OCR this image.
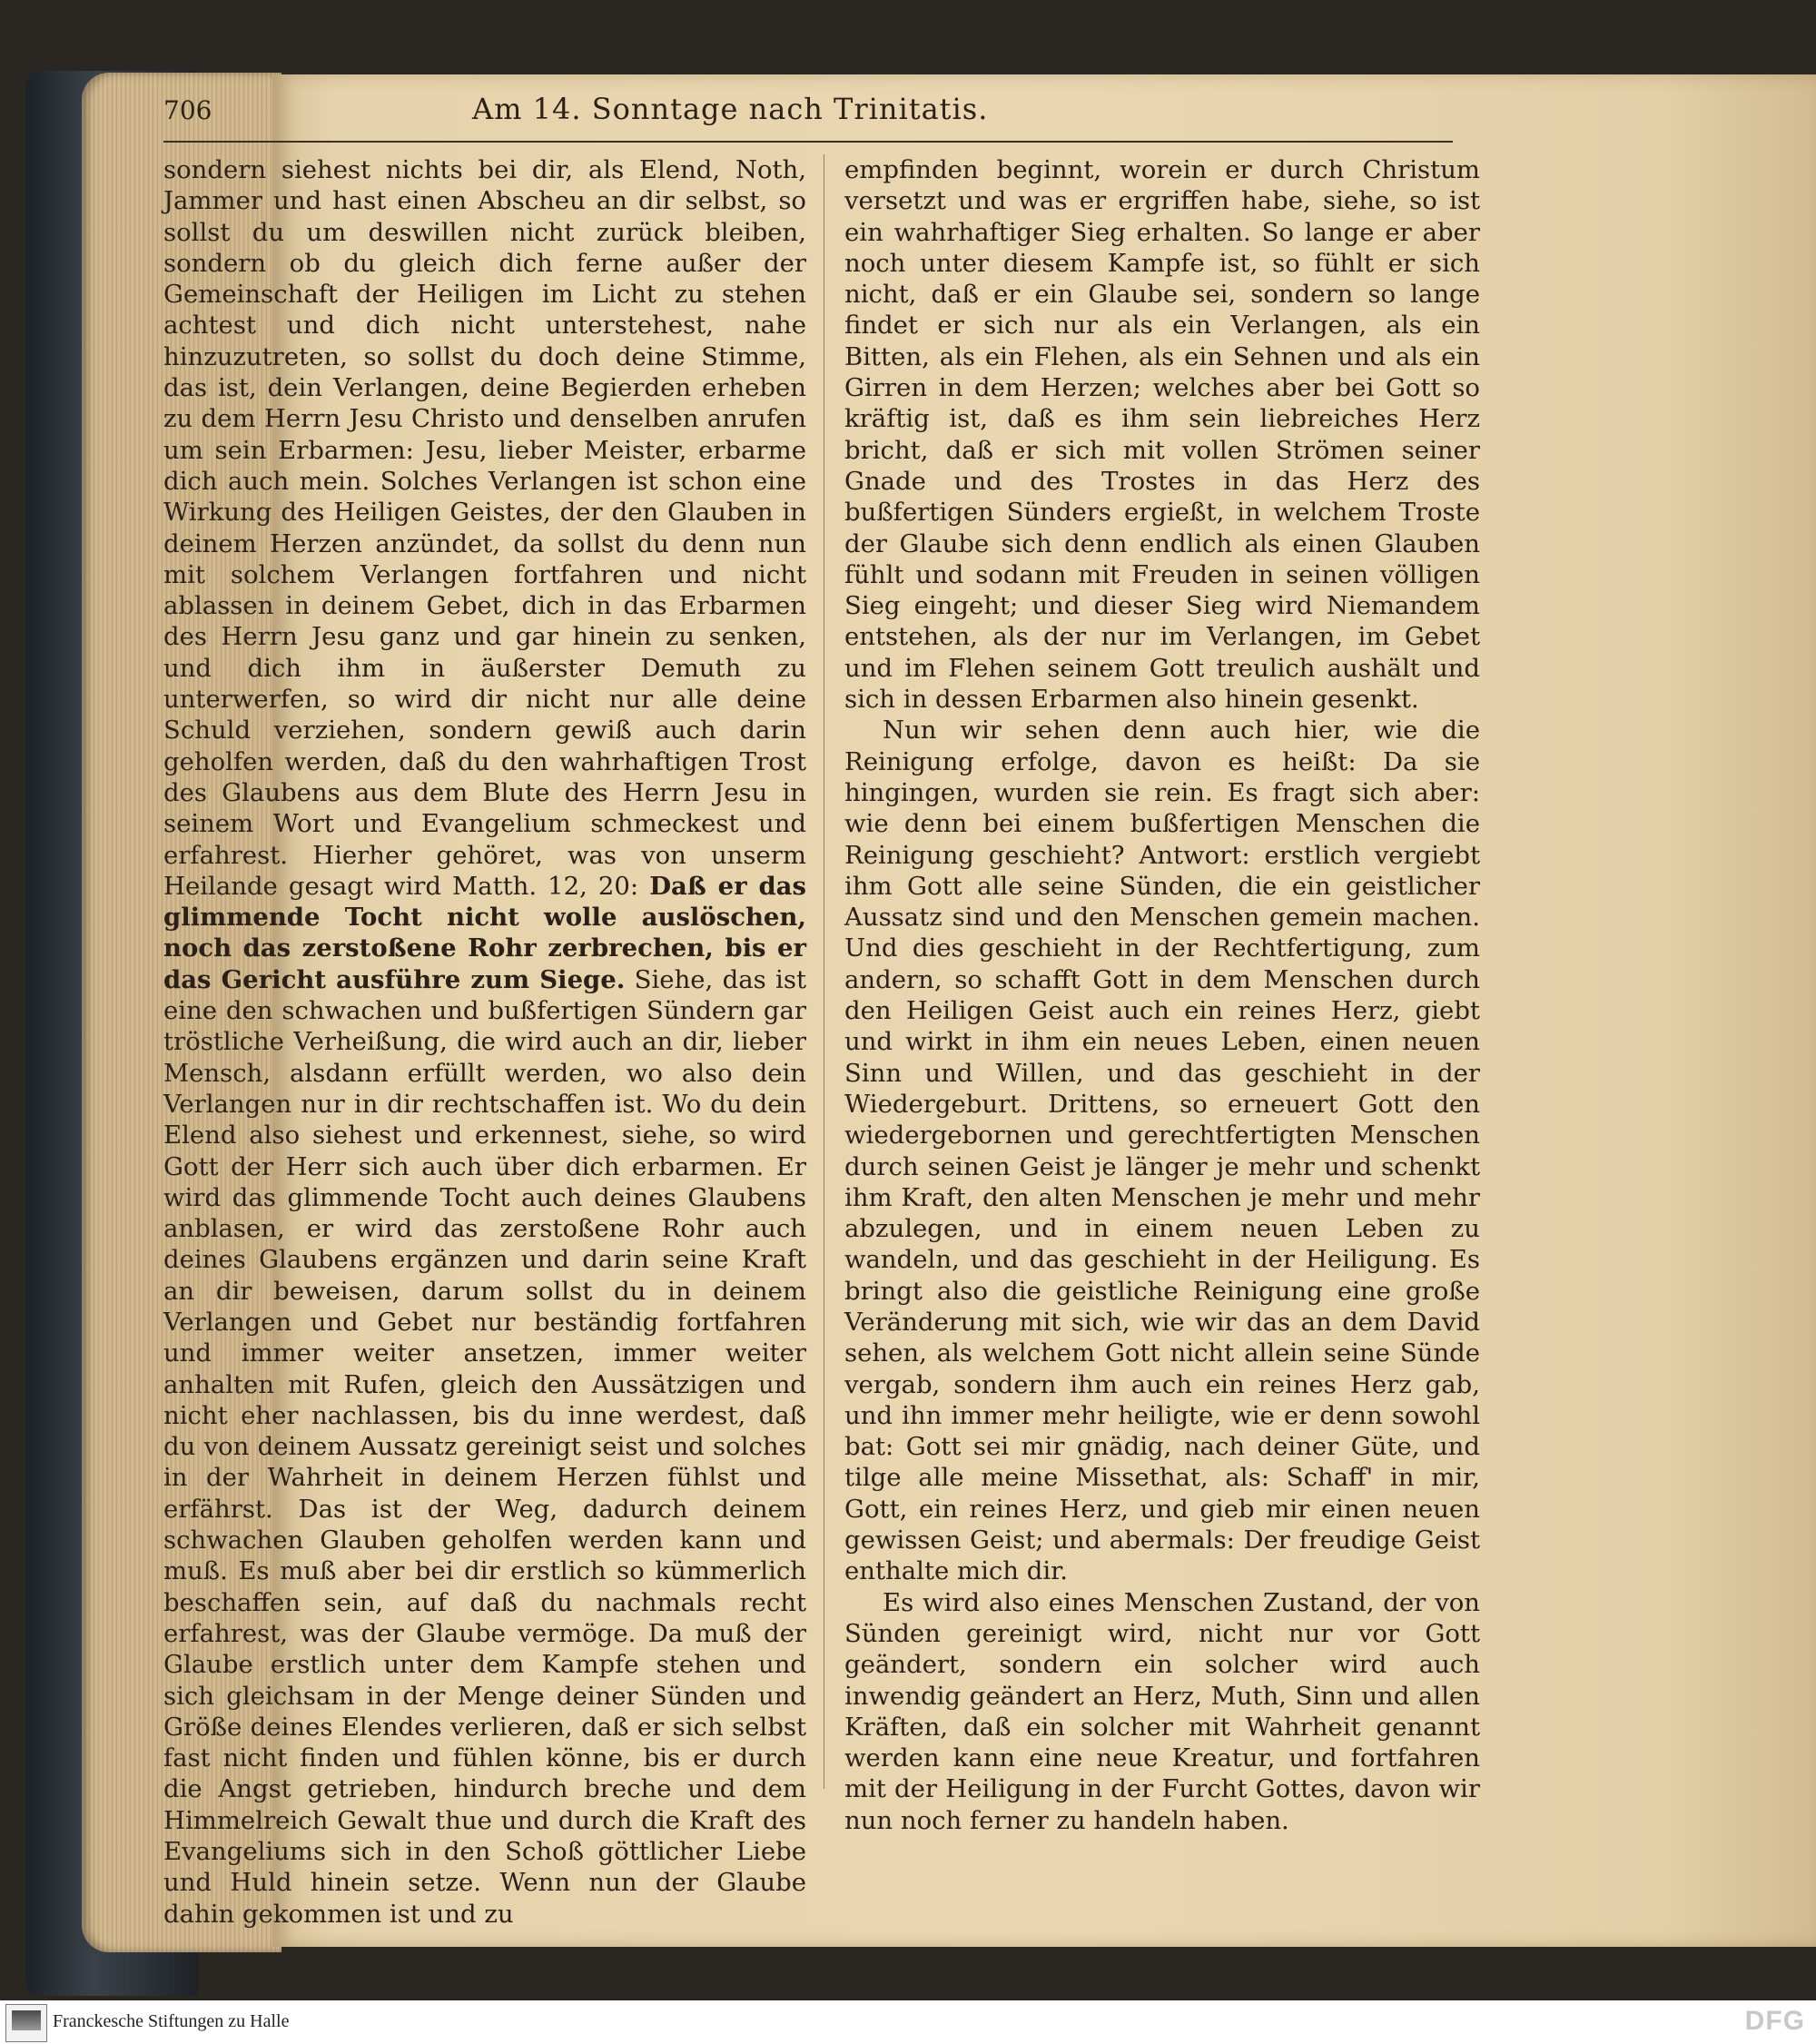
706	Am 14. Sonntage nach Trinitatis.

sondern siehest nichts bei dir, als Elend, Noth, Jammer und hast einen Abscheu an dir selbst, so sollst du um deswillen nicht zurück bleiben, sondern ob du gleich dich ferne außer der Gemeinschaft der Heiligen im Licht zu stehen achtest und dich nicht unterstehest, nahe hinzuzutreten, so sollst du doch deine Stimme, das ist, dein Verlangen, deine Begierden erheben zu dem Herrn Jesu Christo und denselben anrufen um sein Erbarmen: Jesu, lieber Meister, erbarme dich auch mein. Solches Verlangen ist schon eine Wirkung des Heiligen Geistes, der den Glauben in deinem Herzen anzündet, da sollst du denn nun mit solchem Verlangen fortfahren und nicht ablassen in deinem Gebet, dich in das Erbarmen des Herrn Jesu ganz und gar hinein zu senken, und dich ihm in äußerster Demuth zu unterwerfen, so wird dir nicht nur alle deine Schuld verziehen, sondern gewiß auch darin geholfen werden, daß du den wahrhaftigen Trost des Glaubens aus dem Blute des Herrn Jesu in seinem Wort und Evangelium schmeckest und erfahrest. Hierher gehöret, was von unserm Heilande gesagt wird Matth. 12, 20: Daß er das glimmende Tocht nicht wolle auslöschen, noch das zerstoßene Rohr zerbrechen, bis er das Gericht ausführe zum Siege. Siehe, das ist eine den schwachen und bußfertigen Sündern gar tröstliche Verheißung, die wird auch an dir, lieber Mensch, alsdann erfüllt werden, wo also dein Verlangen nur in dir rechtschaffen ist. Wo du dein Elend also siehest und erkennest, siehe, so wird Gott der Herr sich auch über dich erbarmen. Er wird das glimmende Tocht auch deines Glaubens anblasen, er wird das zerstoßene Rohr auch deines Glaubens ergänzen und darin seine Kraft an dir beweisen, darum sollst du in deinem Verlangen und Gebet nur beständig fortfahren und immer weiter ansetzen, immer weiter anhalten mit Rufen, gleich den Aussätzigen und nicht eher nachlassen, bis du inne werdest, daß du von deinem Aussatz gereinigt seist und solches in der Wahrheit in deinem Herzen fühlst und erfährst. Das ist der Weg, dadurch deinem schwachen Glauben geholfen werden kann und muß. Es muß aber bei dir erstlich so kümmerlich beschaffen sein, auf daß du nachmals recht erfahrest, was der Glaube vermöge. Da muß der Glaube erstlich unter dem Kampfe stehen und sich gleichsam in der Menge deiner Sünden und Größe deines Elendes verlieren, daß er sich selbst fast nicht finden und fühlen könne, bis er durch die Angst getrieben, hindurch breche und dem Himmelreich Gewalt thue und durch die Kraft des Evangeliums sich in den Schoß göttlicher Liebe und Huld hinein setze. Wenn nun der Glaube dahin gekommen ist und zu

empfinden beginnt, worein er durch Christum versetzt und was er ergriffen habe, siehe, so ist ein wahrhaftiger Sieg erhalten. So lange er aber noch unter diesem Kampfe ist, so fühlt er sich nicht, daß er ein Glaube sei, sondern so lange findet er sich nur als ein Verlangen, als ein Bitten, als ein Flehen, als ein Sehnen und als ein Girren in dem Herzen; welches aber bei Gott so kräftig ist, daß es ihm sein liebreiches Herz bricht, daß er sich mit vollen Strömen seiner Gnade und des Trostes in das Herz des bußfertigen Sünders ergießt, in welchem Troste der Glaube sich denn endlich als einen Glauben fühlt und sodann mit Freuden in seinen völligen Sieg eingeht; und dieser Sieg wird Niemandem entstehen, als der nur im Verlangen, im Gebet und im Flehen seinem Gott treulich aushält und sich in dessen Erbarmen also hinein gesenkt.

Nun wir sehen denn auch hier, wie die Reinigung erfolge, davon es heißt: Da sie hingingen, wurden sie rein. Es fragt sich aber: wie denn bei einem bußfertigen Menschen die Reinigung geschieht? Antwort: erstlich vergiebt ihm Gott alle seine Sünden, die ein geistlicher Aussatz sind und den Menschen gemein machen. Und dies geschieht in der Rechtfertigung, zum andern, so schafft Gott in dem Menschen durch den Heiligen Geist auch ein reines Herz, giebt und wirkt in ihm ein neues Leben, einen neuen Sinn und Willen, und das geschieht in der Wiedergeburt. Drittens, so erneuert Gott den wiedergebornen und gerechtfertigten Menschen durch seinen Geist je länger je mehr und schenkt ihm Kraft, den alten Menschen je mehr und mehr abzulegen, und in einem neuen Leben zu wandeln, und das geschieht in der Heiligung. Es bringt also die geistliche Reinigung eine große Veränderung mit sich, wie wir das an dem David sehen, als welchem Gott nicht allein seine Sünde vergab, sondern ihm auch ein reines Herz gab, und ihn immer mehr heiligte, wie er denn sowohl bat: Gott sei mir gnädig, nach deiner Güte, und tilge alle meine Missethat, als: Schaff' in mir, Gott, ein reines Herz, und gieb mir einen neuen gewissen Geist; und abermals: Der freudige Geist enthalte mich dir.

Es wird also eines Menschen Zustand, der von Sünden gereinigt wird, nicht nur vor Gott geändert, sondern ein solcher wird auch inwendig geändert an Herz, Muth, Sinn und allen Kräften, daß ein solcher mit Wahrheit genannt werden kann eine neue Kreatur, und fortfahren mit der Heiligung in der Furcht Gottes, davon wir nun noch ferner zu handeln haben.

Franckesche Stiftungen zu Halle	DFG
